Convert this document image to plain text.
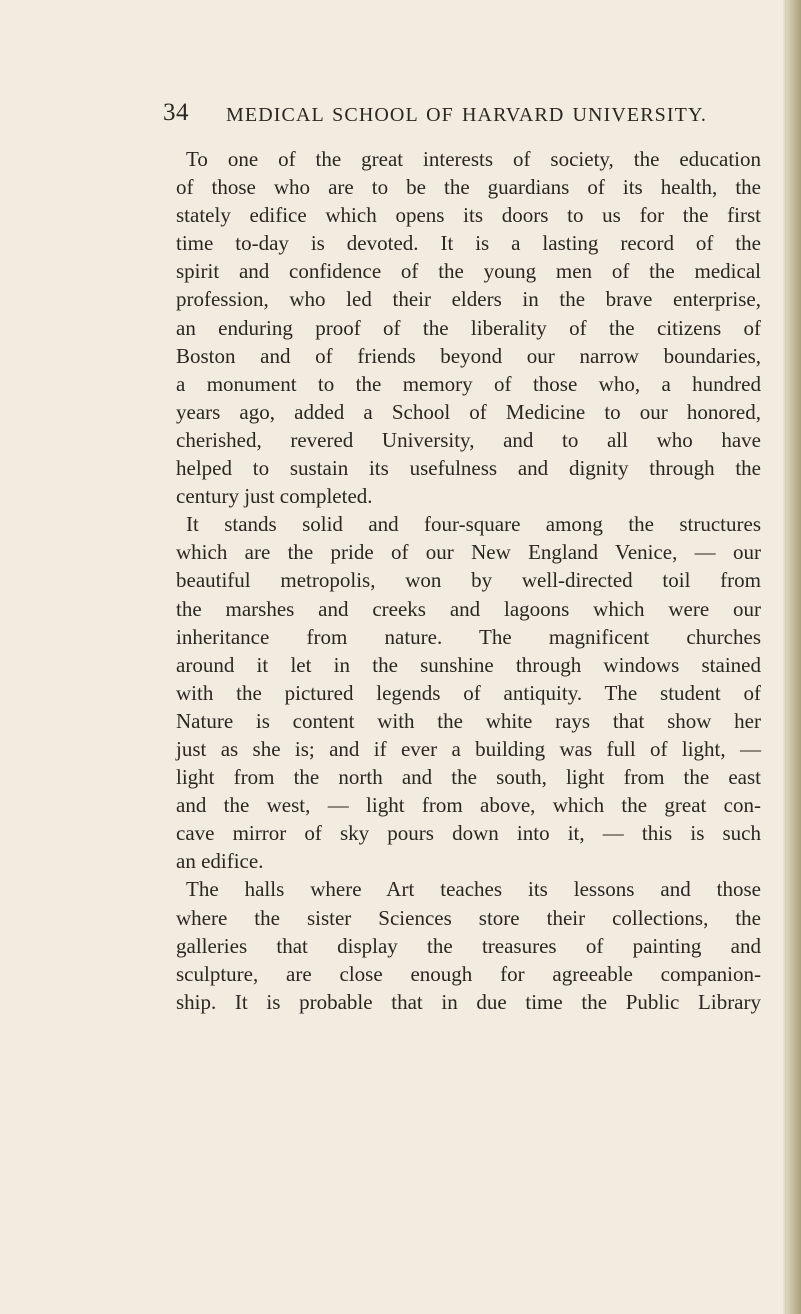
34 MEDICAL SCHOOL OF HARVARD UNIVERSITY.
To one of the great interests of society, the education
of those who are to be the guardians of its health, the
stately edifice which opens its doors to us for the first
time to-day is devoted. It is a lasting record of the
spirit and confidence of the young men of the medical
profession, who led their elders in the brave enterprise,
an enduring proof of the liberality of the citizens of
Boston and of friends beyond our narrow boundaries,
a monument to the memory of those who, a hundred
years ago, added a School of Medicine to our honored,
cherished, revered University, and to all who have
helped to sustain its usefulness and dignity through the
century just completed.
It stands solid and four-square among the structures
which are the pride of our New England Venice, — our
beautiful metropolis, won by well-directed toil from
the marshes and creeks and lagoons which were our
inheritance from nature. The magnificent churches
around it let in the sunshine through windows stained
with the pictured legends of antiquity. The student of
Nature is content with the white rays that show her
just as she is; and if ever a building was full of light, —
light from the north and the south, light from the east
and the west, — light from above, which the great con-
cave mirror of sky pours down into it, — this is such
an edifice.
The halls where Art teaches its lessons and those
where the sister Sciences store their collections, the
galleries that display the treasures of painting and
sculpture, are close enough for agreeable companion-
ship. It is probable that in due time the Public Library
